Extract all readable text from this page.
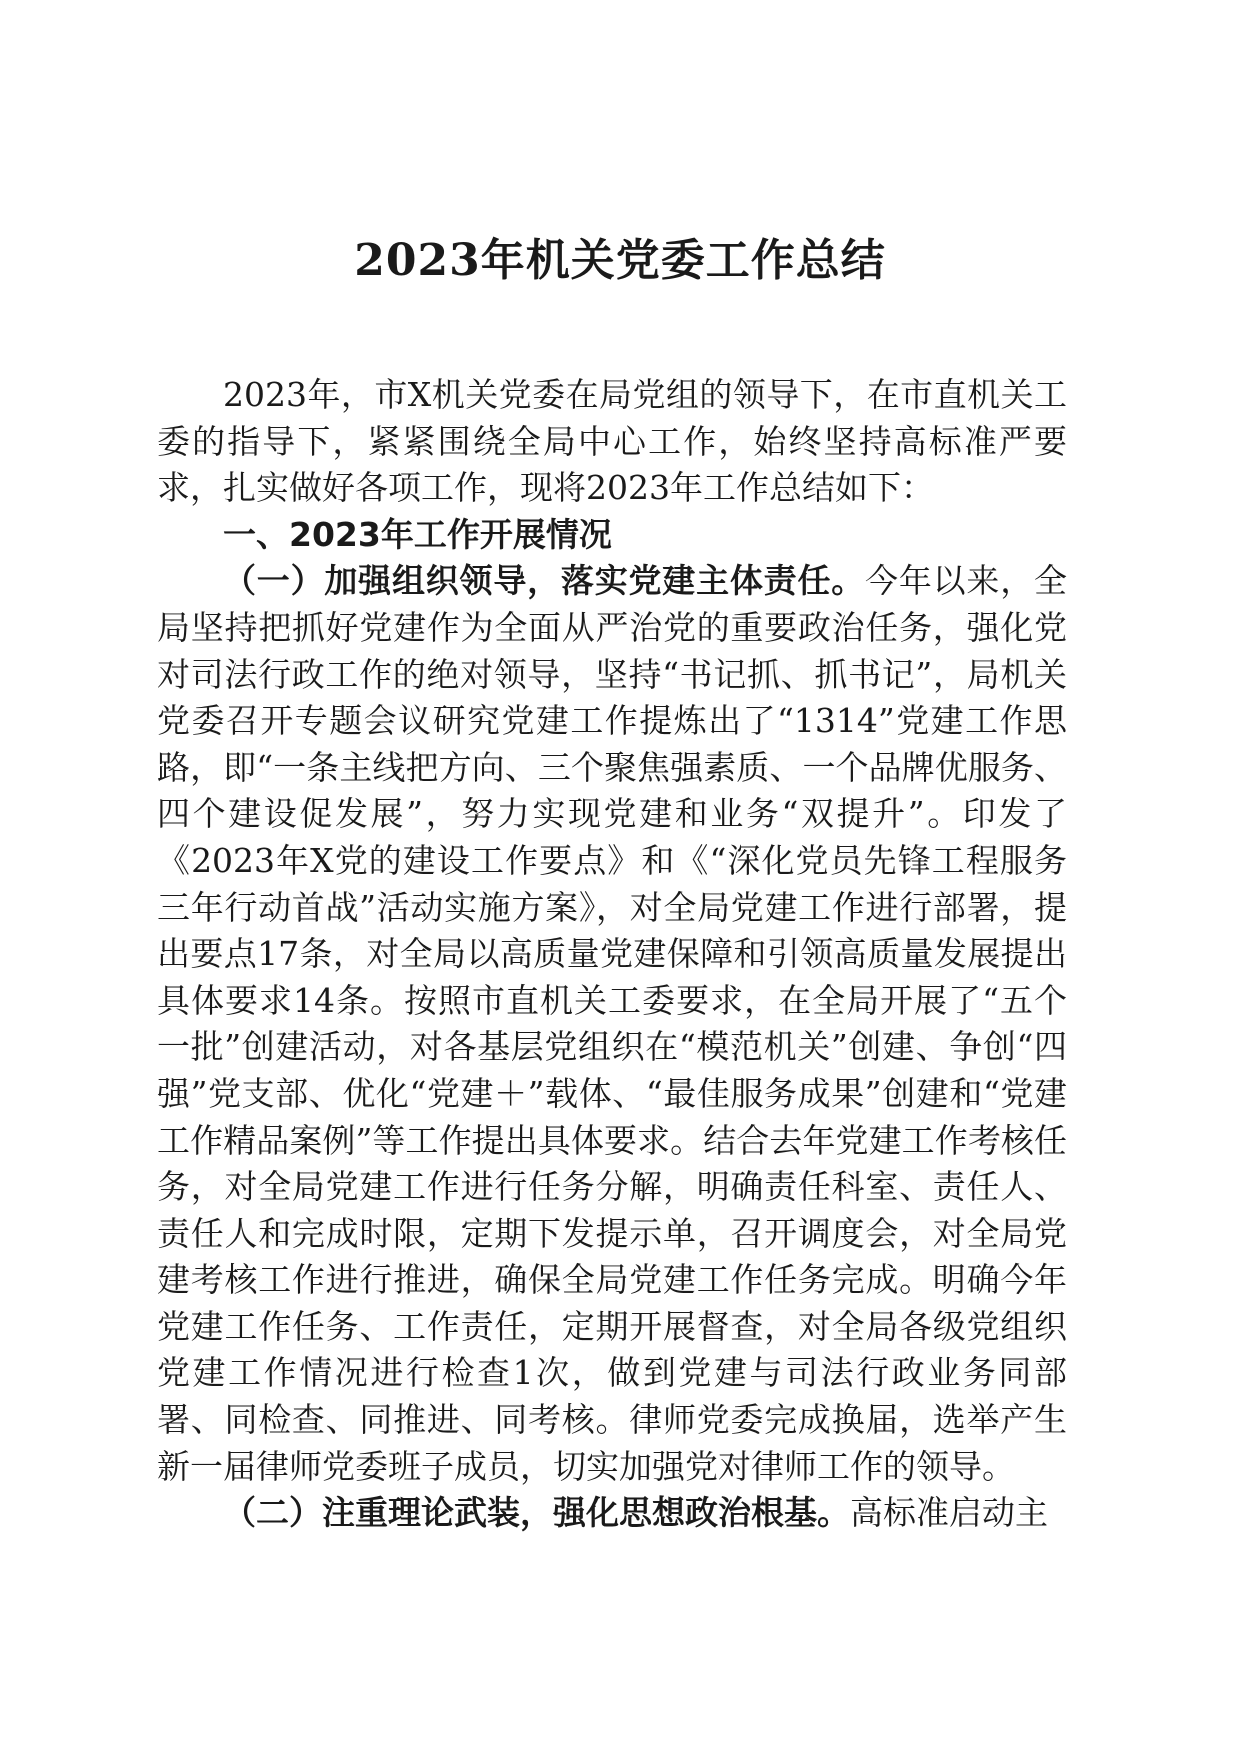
2023年机关党委工作总结

2023年，市X机关党委在局党组的领导下，在市直机关工委的指导下，紧紧围绕全局中心工作，始终坚持高标准严要求，扎实做好各项工作，现将2023年工作总结如下：

一、2023年工作开展情况

（一）加强组织领导，落实党建主体责任。今年以来，全局坚持把抓好党建作为全面从严治党的重要政治任务，强化党对司法行政工作的绝对领导，坚持“书记抓、抓书记”，局机关党委召开专题会议研究党建工作提炼出了“1314”党建工作思路，即“一条主线把方向、三个聚焦强素质、一个品牌优服务、四个建设促发展”，努力实现党建和业务“双提升”。印发了《2023年X党的建设工作要点》和《“深化党员先锋工程服务三年行动首战”活动实施方案》，对全局党建工作进行部署，提出要点17条，对全局以高质量党建保障和引领高质量发展提出具体要求14条。按照市直机关工委要求，在全局开展了“五个一批”创建活动，对各基层党组织在“模范机关”创建、争创“四强”党支部、优化“党建＋”载体、“最佳服务成果”创建和“党建工作精品案例”等工作提出具体要求。结合去年党建工作考核任务，对全局党建工作进行任务分解，明确责任科室、责任人、责任人和完成时限，定期下发提示单，召开调度会，对全局党建考核工作进行推进，确保全局党建工作任务完成。明确今年党建工作任务、工作责任，定期开展督查，对全局各级党组织党建工作情况进行检查1次，做到党建与司法行政业务同部署、同检查、同推进、同考核。律师党委完成换届，选举产生新一届律师党委班子成员，切实加强党对律师工作的领导。

（二）注重理论武装，强化思想政治根基。高标准启动主
